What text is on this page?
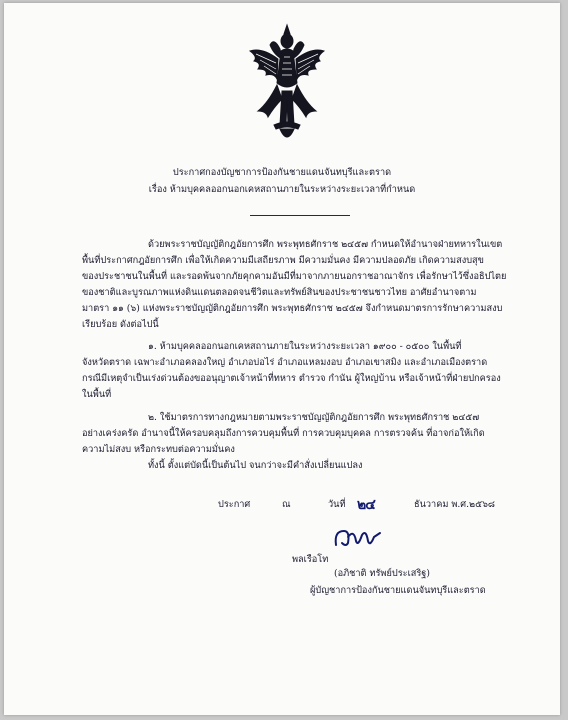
ประกาศกองบัญชาการป้องกันชายแดนจันทบุรีและตราด
เรื่อง ห้ามบุคคลออกนอกเคหสถานภายในระหว่างระยะเวลาที่กำหนด
ด้วยพระราชบัญญัติกฎอัยการศึก พระพุทธศักราช ๒๔๕๗ กำหนดให้อำนาจฝ่ายทหารในเขต
พื้นที่ประกาศกฎอัยการศึก เพื่อให้เกิดความมีเสถียรภาพ มีความมั่นคง มีความปลอดภัย เกิดความสงบสุข
ของประชาชนในพื้นที่ และรอดพ้นจากภัยคุกคามอันมีที่มาจากภายนอกราชอาณาจักร เพื่อรักษาไว้ซึ่งอธิปไตย
ของชาติและบูรณภาพแห่งดินแดนตลอดจนชีวิตและทรัพย์สินของประชาชนชาวไทย อาศัยอำนาจตาม
มาตรา ๑๑ (๖) แห่งพระราชบัญญัติกฎอัยการศึก พระพุทธศักราช ๒๔๕๗ จึงกำหนดมาตรการรักษาความสงบ
เรียบร้อย ดังต่อไปนี้
๑. ห้ามบุคคลออกนอกเคหสถานภายในระหว่างระยะเวลา ๑๙๐๐ - ๐๕๐๐ ในพื้นที่
จังหวัดตราด เฉพาะอำเภอคลองใหญ่ อำเภอบ่อไร่ อำเภอแหลมงอบ อำเภอเขาสมิง และอำเภอเมืองตราด
กรณีมีเหตุจำเป็นเร่งด่วนต้องขออนุญาตเจ้าหน้าที่ทหาร ตำรวจ กำนัน ผู้ใหญ่บ้าน หรือเจ้าหน้าที่ฝ่ายปกครอง
ในพื้นที่
๒. ใช้มาตรการทางกฎหมายตามพระราชบัญญัติกฎอัยการศึก พระพุทธศักราช ๒๔๕๗
อย่างเคร่งครัด อำนาจนี้ให้ครอบคลุมถึงการควบคุมพื้นที่ การควบคุมบุคคล การตรวจค้น ที่อาจก่อให้เกิด
ความไม่สงบ หรือกระทบต่อความมั่นคง
ทั้งนี้ ตั้งแต่บัดนี้เป็นต้นไป จนกว่าจะมีคำสั่งเปลี่ยนแปลง
ประกาศ	ณ	วันที่ ๒๔	ธันวาคม พ.ศ.๒๕๖๘
พลเรือโท
(อภิชาติ ทรัพย์ประเสริฐ)
ผู้บัญชาการป้องกันชายแดนจันทบุรีและตราด
